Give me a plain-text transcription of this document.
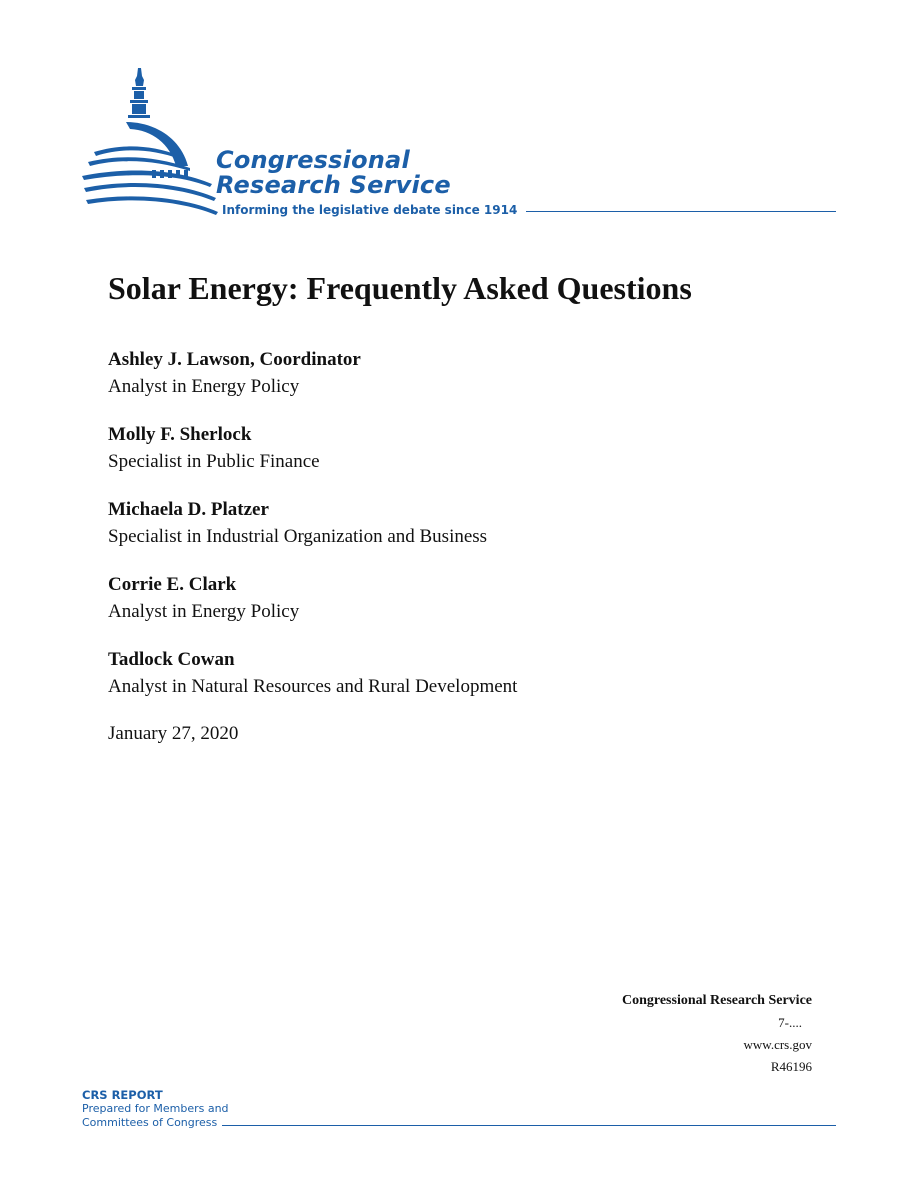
Congressional
Research Service
Informing the legislative debate since 1914
Solar Energy: Frequently Asked Questions
Ashley J. Lawson, Coordinator
Analyst in Energy Policy
Molly F. Sherlock
Specialist in Public Finance
Michaela D. Platzer
Specialist in Industrial Organization and Business
Corrie E. Clark
Analyst in Energy Policy
Tadlock Cowan
Analyst in Natural Resources and Rural Development
January 27, 2020
Congressional Research Service
7-....
www.crs.gov
R46196
CRS REPORT
Prepared for Members and
Committees of Congress
